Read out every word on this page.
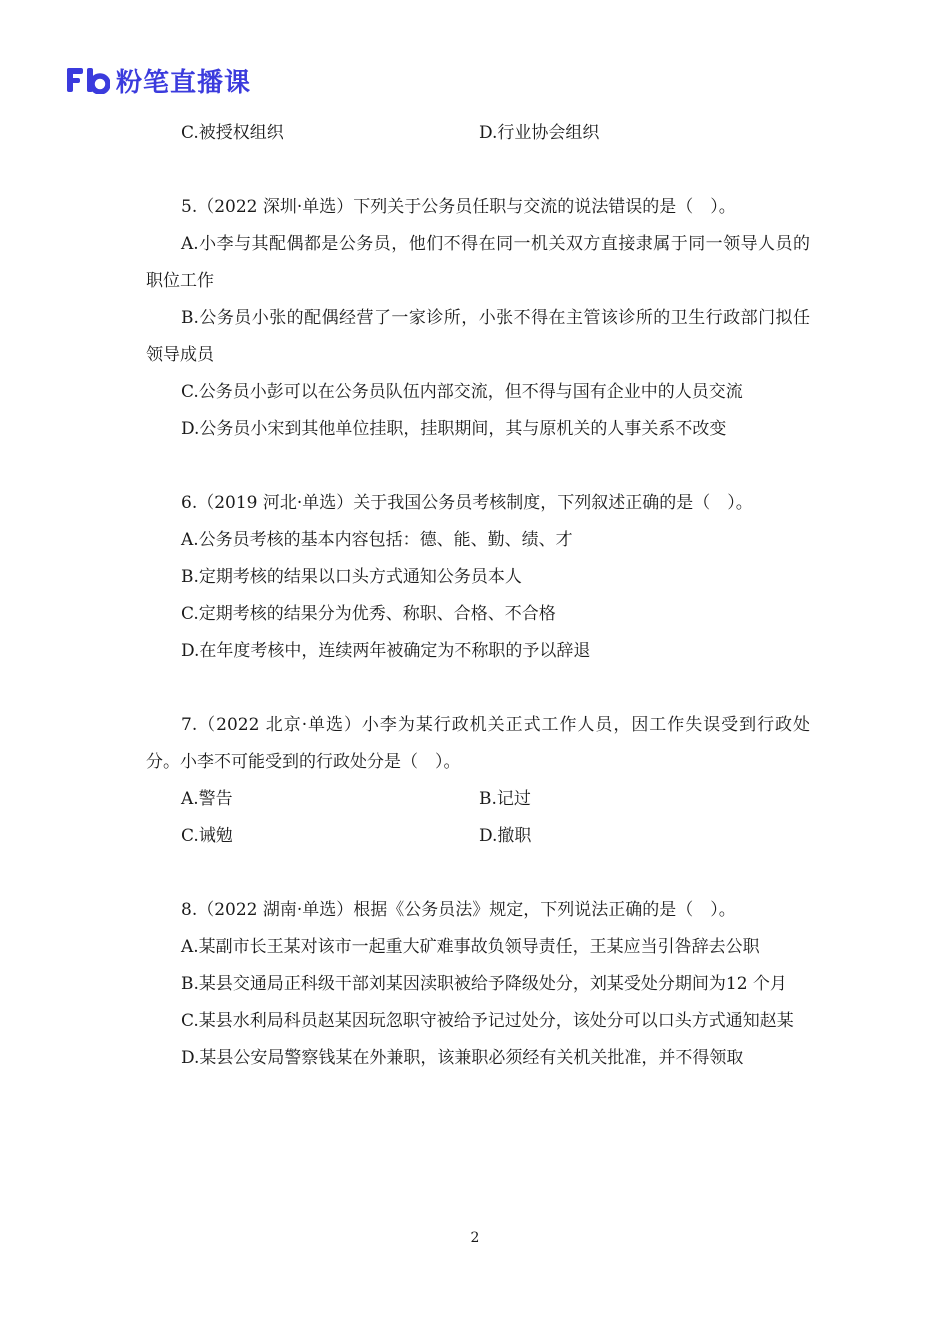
粉笔直播课
C.被授权组织	D.行业协会组织
5.（2022 深圳·单选）下列关于公务员任职与交流的说法错误的是（　）。
A.小李与其配偶都是公务员，他们不得在同一机关双方直接隶属于同一领导人员的职位工作
B.公务员小张的配偶经营了一家诊所，小张不得在主管该诊所的卫生行政部门拟任领导成员
C.公务员小彭可以在公务员队伍内部交流，但不得与国有企业中的人员交流
D.公务员小宋到其他单位挂职，挂职期间，其与原机关的人事关系不改变
6.（2019 河北·单选）关于我国公务员考核制度，下列叙述正确的是（　）。
A.公务员考核的基本内容包括：德、能、勤、绩、才
B.定期考核的结果以口头方式通知公务员本人
C.定期考核的结果分为优秀、称职、合格、不合格
D.在年度考核中，连续两年被确定为不称职的予以辞退
7.（2022 北京·单选）小李为某行政机关正式工作人员，因工作失误受到行政处分。小李不可能受到的行政处分是（　）。
A.警告	B.记过
C.诫勉	D.撤职
8.（2022 湖南·单选）根据《公务员法》规定，下列说法正确的是（　）。
A.某副市长王某对该市一起重大矿难事故负领导责任，王某应当引咎辞去公职
B.某县交通局正科级干部刘某因渎职被给予降级处分，刘某受处分期间为12 个月
C.某县水利局科员赵某因玩忽职守被给予记过处分，该处分可以口头方式通知赵某
D.某县公安局警察钱某在外兼职，该兼职必须经有关机关批准，并不得领取
2
